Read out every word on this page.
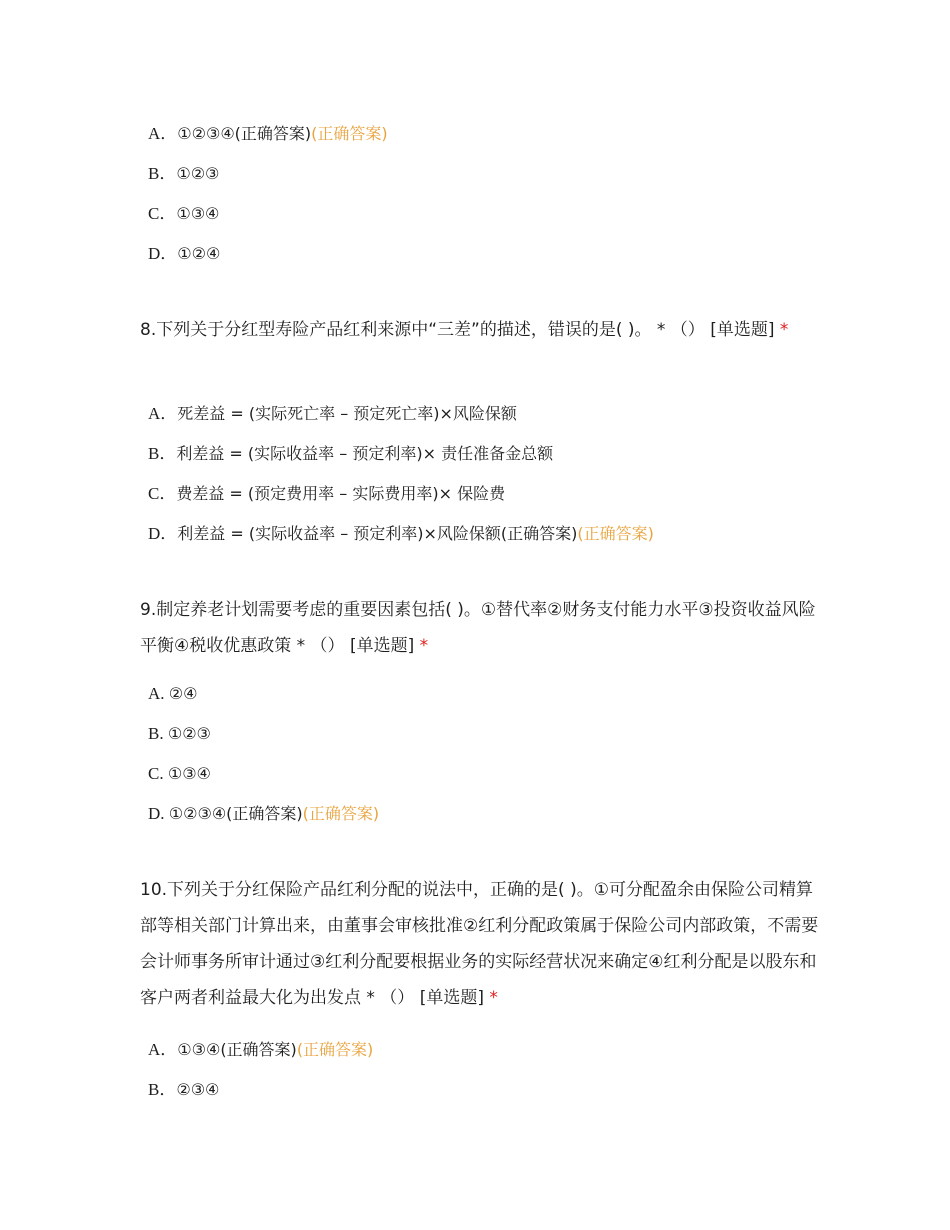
A．①②③④(正确答案)(正确答案)
B．①②③
C．①③④
D．①②④
8.下列关于分红型寿险产品红利来源中“三差”的描述，错误的是( )。 * （） [单选题] *
A．死差益 = (实际死亡率 – 预定死亡率)×风险保额
B．利差益 = (实际收益率 – 预定利率)× 责任准备金总额
C．费差益 = (预定费用率 – 实际费用率)× 保险费
D．利差益 = (实际收益率 – 预定利率)×风险保额(正确答案)(正确答案)
9.制定养老计划需要考虑的重要因素包括( )。①替代率②财务支付能力水平③投资收益风险平衡④税收优惠政策 * （） [单选题] *
A. ②④
B. ①②③
C. ①③④
D. ①②③④(正确答案)(正确答案)
10.下列关于分红保险产品红利分配的说法中，正确的是( )。①可分配盈余由保险公司精算部等相关部门计算出来，由董事会审核批准②红利分配政策属于保险公司内部政策，不需要会计师事务所审计通过③红利分配要根据业务的实际经营状况来确定④红利分配是以股东和客户两者利益最大化为出发点 * （） [单选题] *
A．①③④(正确答案)(正确答案)
B．②③④
